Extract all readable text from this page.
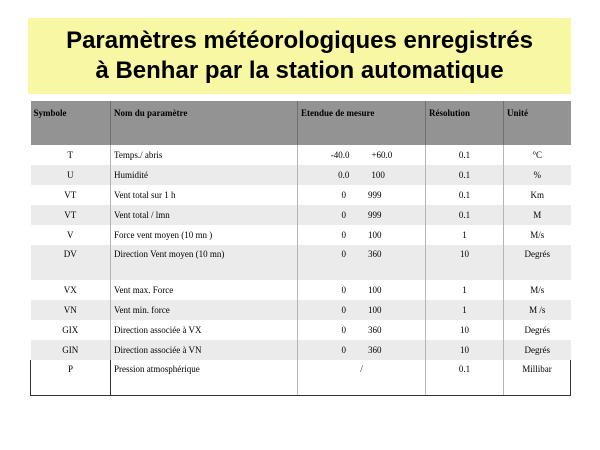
Paramètres météorologiques enregistrés
à Benhar par la station automatique
Symbole	Nom du paramètre	Etendue de mesure	Résolution	Unité
T	Temps./ abris	-40.0 +60.0	0.1	°C
U	Humidité	0.0 100	0.1	%
VT	Vent total sur 1 h	0 999	0.1	Km
VT	Vent total / lmn	0 999	0.1	M
V	Force vent moyen (10 mn )	0 100	1	M/s
DV	Direction Vent moyen (10 mn)	0 360	10	Degrés
VX	Vent max. Force	0 100	1	M/s
VN	Vent min. force	0 100	1	M /s
GIX	Direction associée à VX	0 360	10	Degrés
GIN	Direction associée à VN	0 360	10	Degrés
P	Pression atmosphérique	/	0.1	Millibar
